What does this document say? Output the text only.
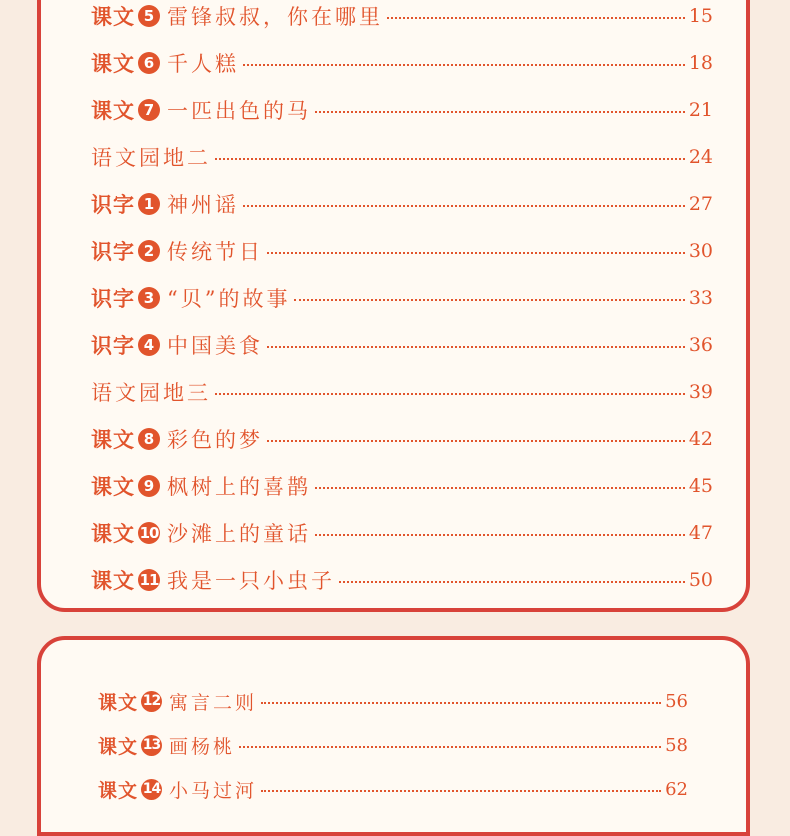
课文 5 雷锋叔叔，你在哪里	15
课文 6 千人糕	18
课文 7 一匹出色的马	21
语文园地二	24
识字 1 神州谣	27
识字 2 传统节日	30
识字 3 “贝”的故事	33
识字 4 中国美食	36
语文园地三	39
课文 8 彩色的梦	42
课文 9 枫树上的喜鹊	45
课文 10 沙滩上的童话	47
课文 11 我是一只小虫子	50
课文 12 寓言二则	56
课文 13 画杨桃	58
课文 14 小马过河	62
